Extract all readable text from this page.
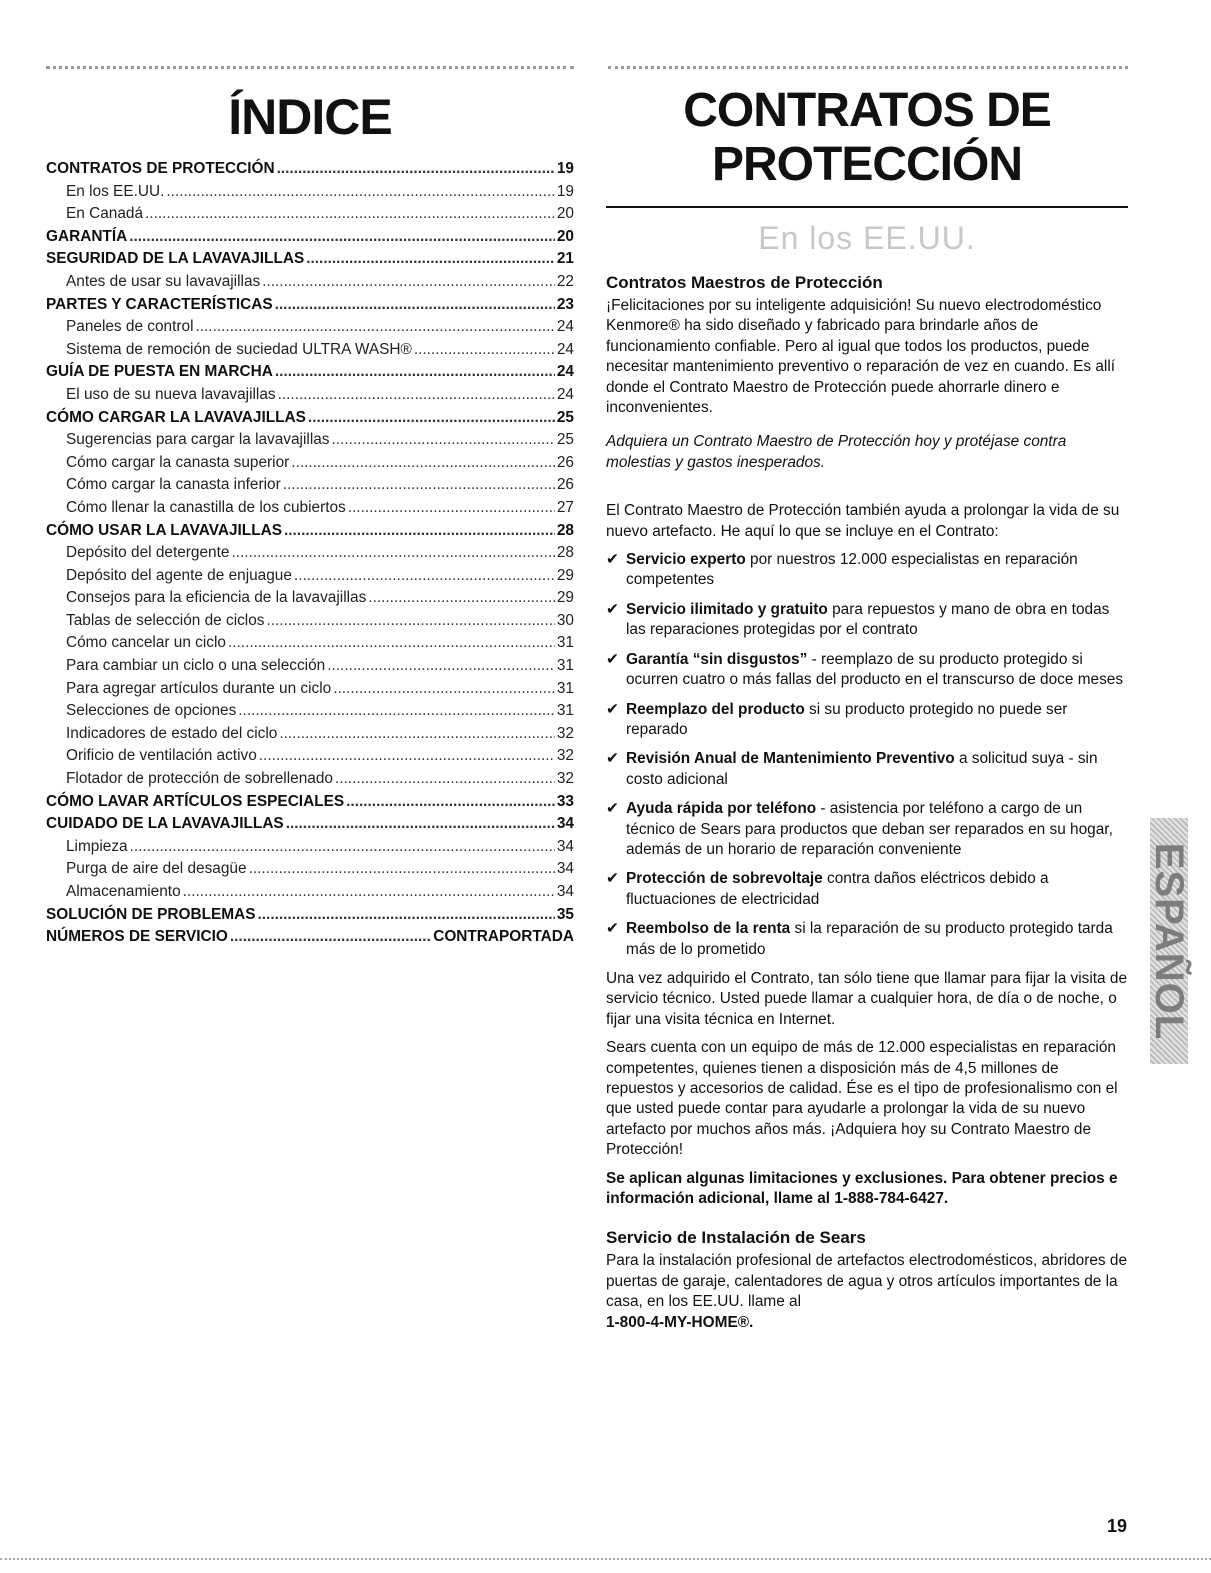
ÍNDICE
CONTRATOS DE PROTECCIÓN .....	19
En los EE.UU. .....	19
En Canadá .....	20
GARANTÍA .....	20
SEGURIDAD DE LA LAVAVAJILLAS .....	21
Antes de usar su lavavajillas .....	22
PARTES Y CARACTERÍSTICAS .....	23
Paneles de control .....	24
Sistema de remoción de suciedad ULTRA WASH® .....	24
GUÍA DE PUESTA EN MARCHA .....	24
El uso de su nueva lavavajillas .....	24
CÓMO CARGAR LA LAVAVAJILLAS .....	25
Sugerencias para cargar la lavavajillas .....	25
Cómo cargar la canasta superior .....	26
Cómo cargar la canasta inferior .....	26
Cómo llenar la canastilla de los cubiertos .....	27
CÓMO USAR LA LAVAVAJILLAS .....	28
Depósito del detergente .....	28
Depósito del agente de enjuague .....	29
Consejos para la eficiencia de la lavavajillas .....	29
Tablas de selección de ciclos .....	30
Cómo cancelar un ciclo .....	31
Para cambiar un ciclo o una selección .....	31
Para agregar artículos durante un ciclo .....	31
Selecciones de opciones .....	31
Indicadores de estado del ciclo .....	32
Orificio de ventilación activo .....	32
Flotador de protección de sobrellenado .....	32
CÓMO LAVAR ARTÍCULOS ESPECIALES .....	33
CUIDADO DE LA LAVAVAJILLAS .....	34
Limpieza .....	34
Purga de aire del desagüe .....	34
Almacenamiento .....	34
SOLUCIÓN DE PROBLEMAS .....	35
NÚMEROS DE SERVICIO .....	CONTRAPORTADA
CONTRATOS DE
PROTECCIÓN
En los EE.UU.
Contratos Maestros de Protección

¡Felicitaciones por su inteligente adquisición! Su nuevo electrodoméstico Kenmore® ha sido diseñado y fabricado para brindarle años de funcionamiento confiable. Pero al igual que todos los productos, puede necesitar mantenimiento preventivo o reparación de vez en cuando. Es allí donde el Contrato Maestro de Protección puede ahorrarle dinero e inconvenientes.

Adquiera un Contrato Maestro de Protección hoy y protéjase contra molestias y gastos inesperados.

El Contrato Maestro de Protección también ayuda a prolongar la vida de su nuevo artefacto. He aquí lo que se incluye en el Contrato:

✔ Servicio experto por nuestros 12.000 especialistas en reparación competentes
✔ Servicio ilimitado y gratuito para repuestos y mano de obra en todas las reparaciones protegidas por el contrato
✔ Garantía “sin disgustos” - reemplazo de su producto protegido si ocurren cuatro o más fallas del producto en el transcurso de doce meses
✔ Reemplazo del producto si su producto protegido no puede ser reparado
✔ Revisión Anual de Mantenimiento Preventivo a solicitud suya - sin costo adicional
✔ Ayuda rápida por teléfono - asistencia por teléfono a cargo de un técnico de Sears para productos que deban ser reparados en su hogar, además de un horario de reparación conveniente
✔ Protección de sobrevoltaje contra daños eléctricos debido a fluctuaciones de electricidad
✔ Reembolso de la renta si la reparación de su producto protegido tarda más de lo prometido

Una vez adquirido el Contrato, tan sólo tiene que llamar para fijar la visita de servicio técnico. Usted puede llamar a cualquier hora, de día o de noche, o fijar una visita técnica en Internet.

Sears cuenta con un equipo de más de 12.000 especialistas en reparación competentes, quienes tienen a disposición más de 4,5 millones de repuestos y accesorios de calidad. Ése es el tipo de profesionalismo con el que usted puede contar para ayudarle a prolongar la vida de su nuevo artefacto por muchos años más. ¡Adquiera hoy su Contrato Maestro de Protección!

Se aplican algunas limitaciones y exclusiones. Para obtener precios e información adicional, llame al 1-888-784-6427.

Servicio de Instalación de Sears

Para la instalación profesional de artefactos electrodomésticos, abridores de puertas de garaje, calentadores de agua y otros artículos importantes de la casa, en los EE.UU. llame al
1-800-4-MY-HOME®.

ESPAÑOL
19
